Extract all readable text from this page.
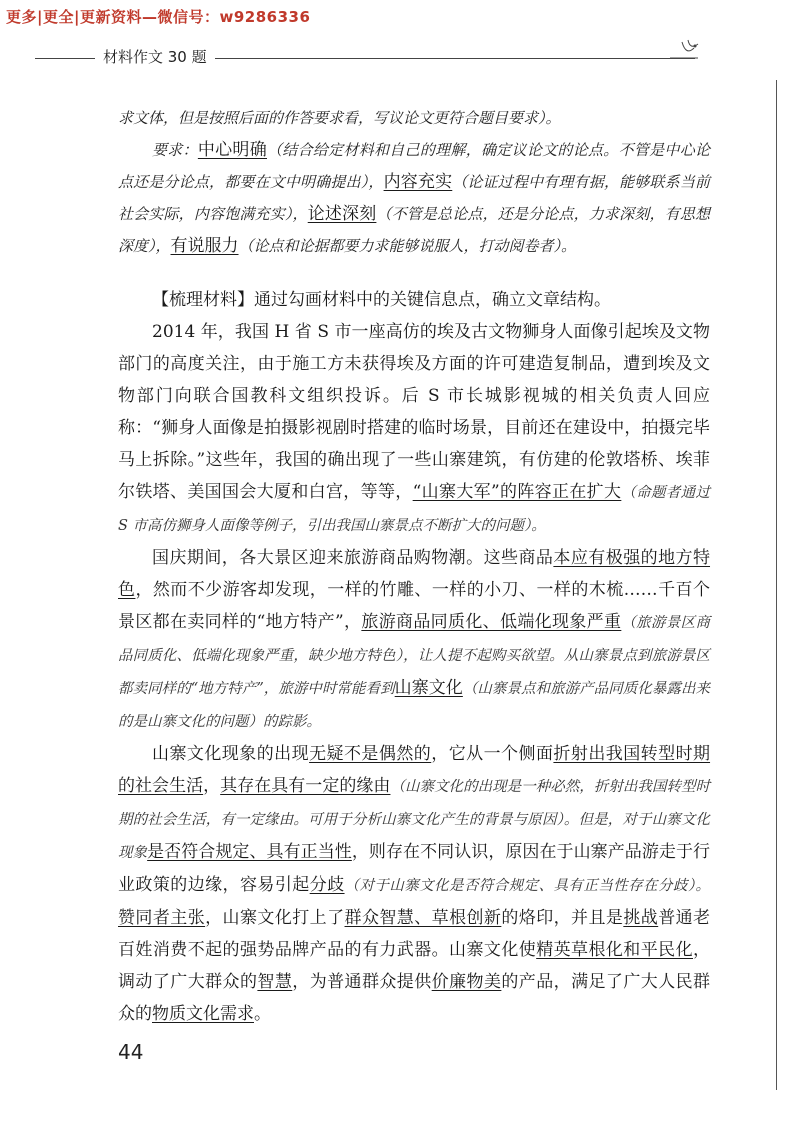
更多|更全|更新资料—微信号：w9286336
材料作文 30 题

求文体，但是按照后面的作答要求看，写议论文更符合题目要求）。

要求：中心明确（结合给定材料和自己的理解，确定议论文的论点。不管是中心论点还是分论点，都要在文中明确提出），内容充实（论证过程中有理有据，能够联系当前社会实际，内容饱满充实），论述深刻（不管是总论点，还是分论点，力求深刻，有思想深度），有说服力（论点和论据都要力求能够说服人，打动阅卷者）。

【梳理材料】通过勾画材料中的关键信息点，确立文章结构。

2014 年，我国 H 省 S 市一座高仿的埃及古文物狮身人面像引起埃及文物部门的高度关注，由于施工方未获得埃及方面的许可建造复制品，遭到埃及文物部门向联合国教科文组织投诉。后 S 市长城影视城的相关负责人回应称：“狮身人面像是拍摄影视剧时搭建的临时场景，目前还在建设中，拍摄完毕马上拆除。”这些年，我国的确出现了一些山寨建筑，有仿建的伦敦塔桥、埃菲尔铁塔、美国国会大厦和白宫，等等，“山寨大军”的阵容正在扩大（命题者通过 S 市高仿狮身人面像等例子，引出我国山寨景点不断扩大的问题）。

国庆期间，各大景区迎来旅游商品购物潮。这些商品本应有极强的地方特色，然而不少游客却发现，一样的竹雕、一样的小刀、一样的木梳……千百个景区都在卖同样的“地方特产”，旅游商品同质化、低端化现象严重（旅游景区商品同质化、低端化现象严重，缺少地方特色），让人提不起购买欲望。从山寨景点到旅游景区都卖同样的“地方特产”，旅游中时常能看到山寨文化（山寨景点和旅游产品同质化暴露出来的是山寨文化的问题）的踪影。

山寨文化现象的出现无疑不是偶然的，它从一个侧面折射出我国转型时期的社会生活，其存在具有一定的缘由（山寨文化的出现是一种必然，折射出我国转型时期的社会生活，有一定缘由。可用于分析山寨文化产生的背景与原因）。但是，对于山寨文化现象是否符合规定、具有正当性，则存在不同认识，原因在于山寨产品游走于行业政策的边缘，容易引起分歧（对于山寨文化是否符合规定、具有正当性存在分歧）。赞同者主张，山寨文化打上了群众智慧、草根创新的烙印，并且是挑战普通老百姓消费不起的强势品牌产品的有力武器。山寨文化使精英草根化和平民化，调动了广大群众的智慧，为普通群众提供价廉物美的产品，满足了广大人民群众的物质文化需求。

44
